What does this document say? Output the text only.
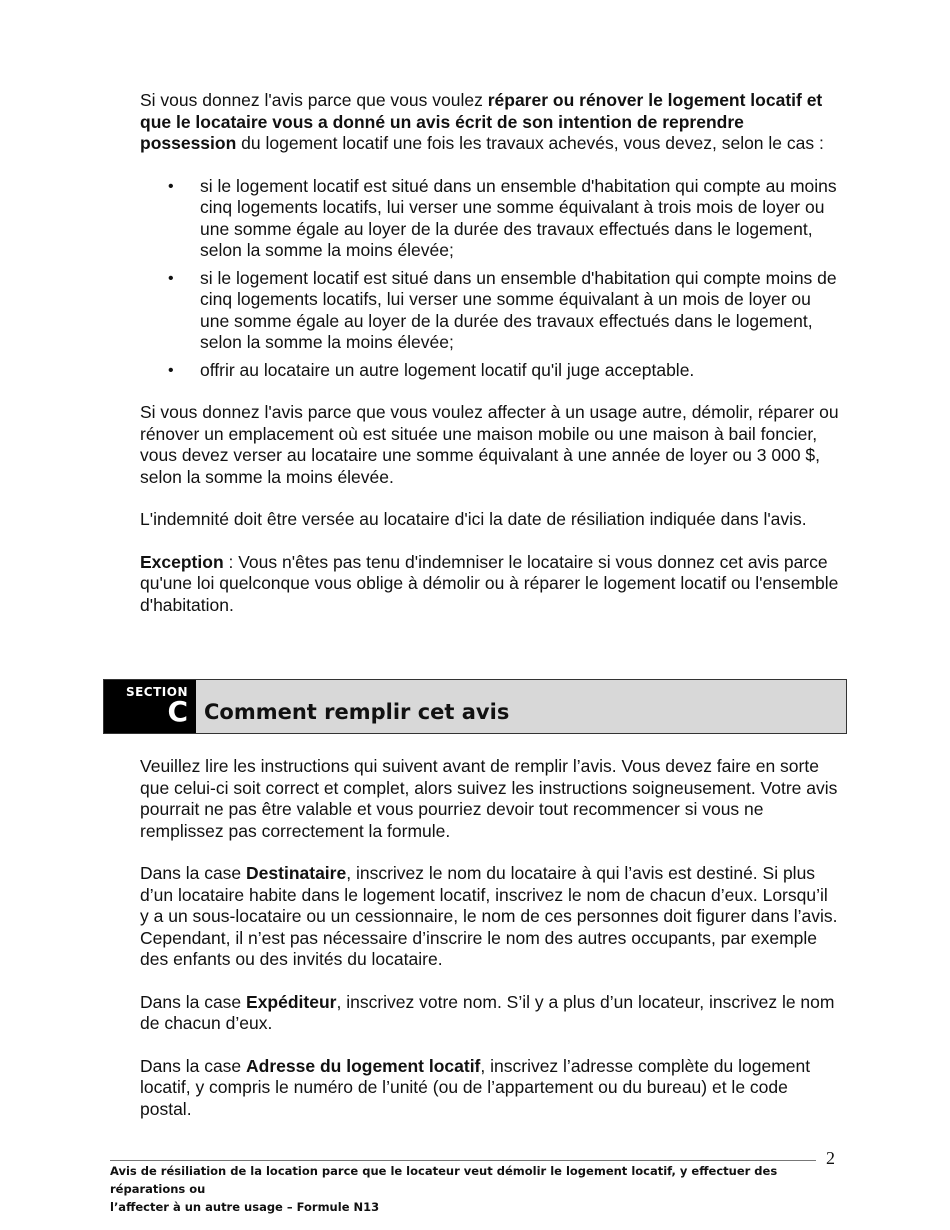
Si vous donnez l'avis parce que vous voulez réparer ou rénover le logement locatif et que le locataire vous a donné un avis écrit de son intention de reprendre possession du logement locatif une fois les travaux achevés, vous devez, selon le cas :

• si le logement locatif est situé dans un ensemble d'habitation qui compte au moins cinq logements locatifs, lui verser une somme équivalant à trois mois de loyer ou une somme égale au loyer de la durée des travaux effectués dans le logement, selon la somme la moins élevée;
• si le logement locatif est situé dans un ensemble d'habitation qui compte moins de cinq logements locatifs, lui verser une somme équivalant à un mois de loyer ou une somme égale au loyer de la durée des travaux effectués dans le logement, selon la somme la moins élevée;
• offrir au locataire un autre logement locatif qu'il juge acceptable.

Si vous donnez l'avis parce que vous voulez affecter à un usage autre, démolir, réparer ou rénover un emplacement où est située une maison mobile ou une maison à bail foncier, vous devez verser au locataire une somme équivalant à une année de loyer ou 3 000 $, selon la somme la moins élevée.

L'indemnité doit être versée au locataire d'ici la date de résiliation indiquée dans l'avis.

Exception : Vous n'êtes pas tenu d'indemniser le locataire si vous donnez cet avis parce qu'une loi quelconque vous oblige à démolir ou à réparer le logement locatif ou l'ensemble d'habitation.

SECTION
C Comment remplir cet avis

Veuillez lire les instructions qui suivent avant de remplir l’avis. Vous devez faire en sorte que celui-ci soit correct et complet, alors suivez les instructions soigneusement. Votre avis pourrait ne pas être valable et vous pourriez devoir tout recommencer si vous ne remplissez pas correctement la formule.

Dans la case Destinataire, inscrivez le nom du locataire à qui l’avis est destiné. Si plus d’un locataire habite dans le logement locatif, inscrivez le nom de chacun d’eux. Lorsqu’il y a un sous-locataire ou un cessionnaire, le nom de ces personnes doit figurer dans l’avis. Cependant, il n’est pas nécessaire d’inscrire le nom des autres occupants, par exemple des enfants ou des invités du locataire.

Dans la case Expéditeur, inscrivez votre nom. S’il y a plus d’un locateur, inscrivez le nom de chacun d’eux.

Dans la case Adresse du logement locatif, inscrivez l’adresse complète du logement locatif, y compris le numéro de l’unité (ou de l’appartement ou du bureau) et le code postal.

2
Avis de résiliation de la location parce que le locateur veut démolir le logement locatif, y effectuer des réparations ou
l’affecter à un autre usage – Formule N13
